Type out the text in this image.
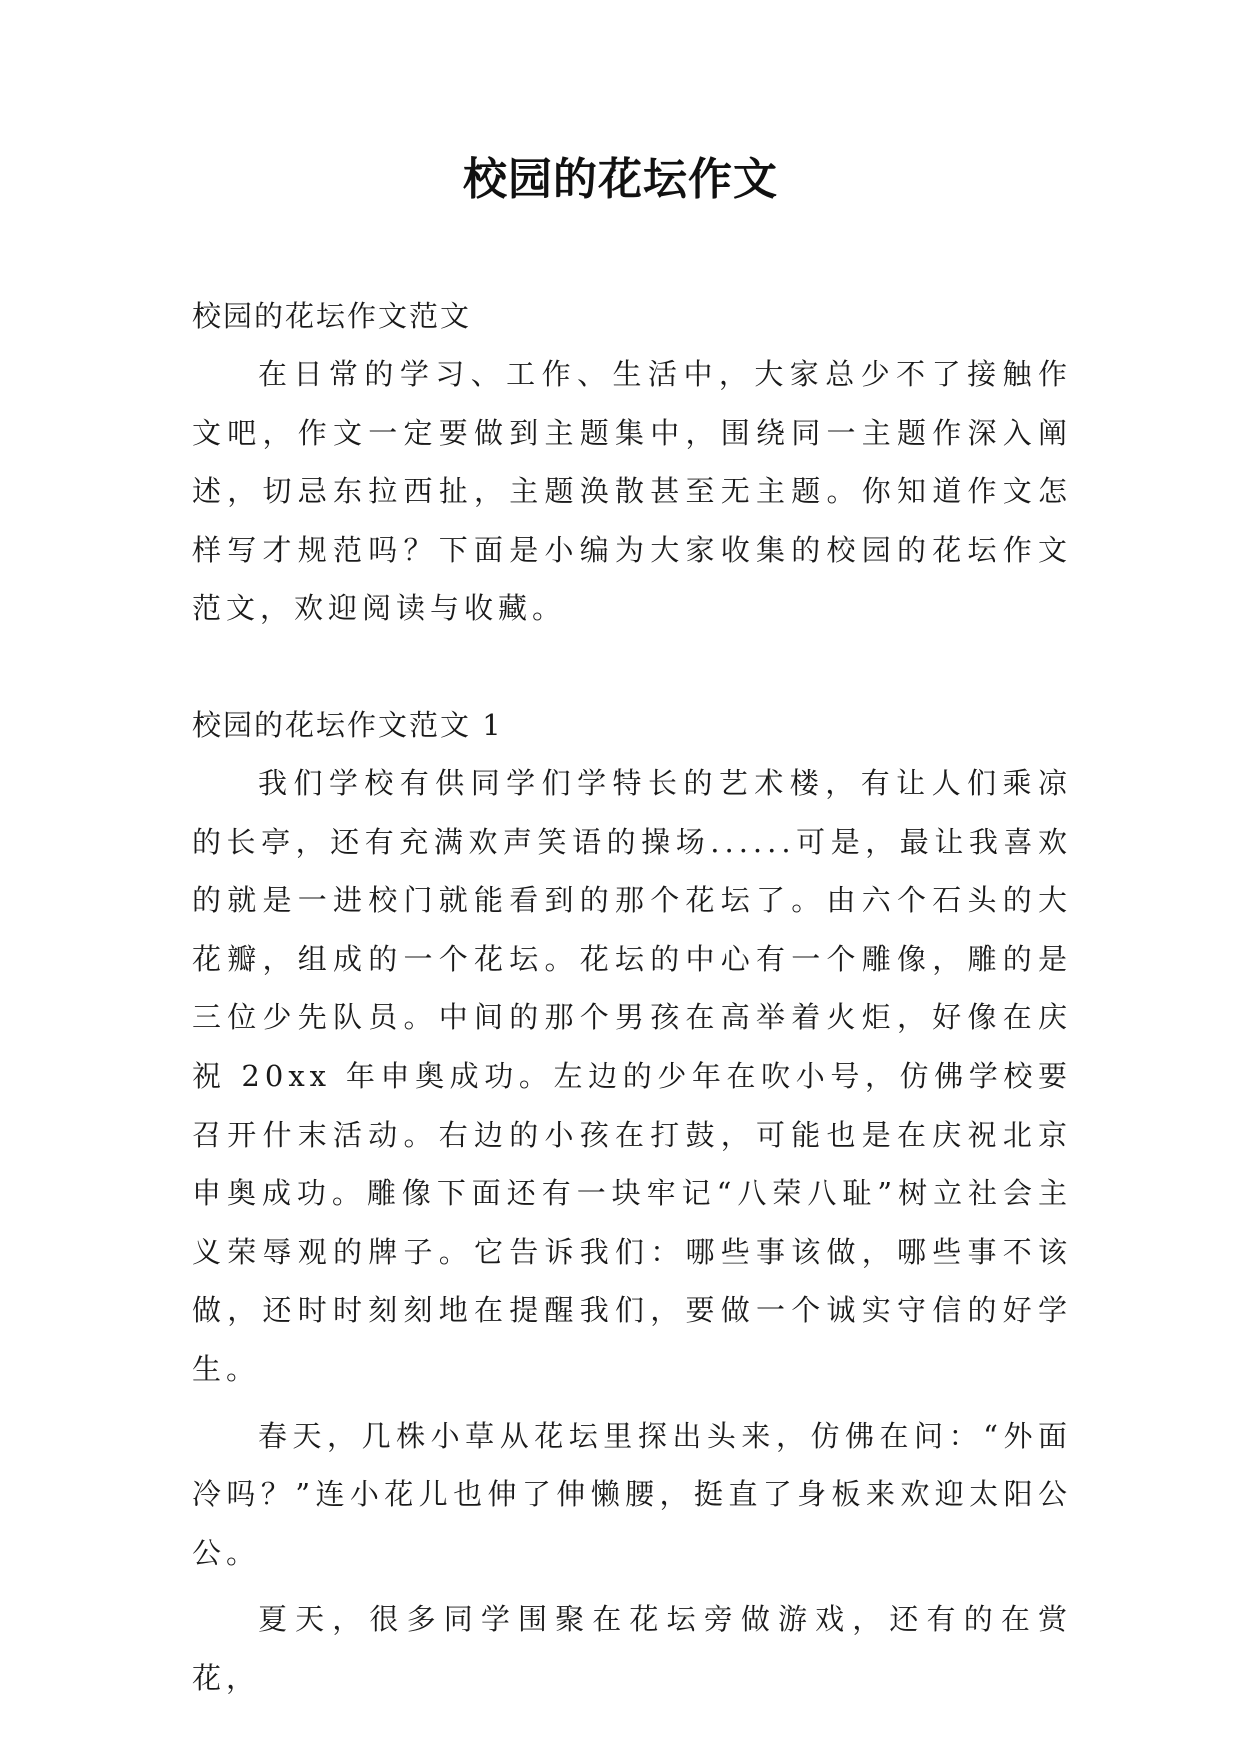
校园的花坛作文

校园的花坛作文范文

在日常的学习、工作、生活中，大家总少不了接触作文吧，作文一定要做到主题集中，围绕同一主题作深入阐述，切忌东拉西扯，主题涣散甚至无主题。你知道作文怎样写才规范吗？下面是小编为大家收集的校园的花坛作文范文，欢迎阅读与收藏。

校园的花坛作文范文 1

我们学校有供同学们学特长的艺术楼，有让人们乘凉的长亭，还有充满欢声笑语的操场......可是，最让我喜欢的就是一进校门就能看到的那个花坛了。由六个石头的大花瓣，组成的一个花坛。花坛的中心有一个雕像，雕的是三位少先队员。中间的那个男孩在高举着火炬，好像在庆祝 20xx 年申奥成功。左边的少年在吹小号，仿佛学校要召开什末活动。右边的小孩在打鼓，可能也是在庆祝北京申奥成功。雕像下面还有一块牢记“八荣八耻”树立社会主义荣辱观的牌子。它告诉我们：哪些事该做，哪些事不该做，还时时刻刻地在提醒我们，要做一个诚实守信的好学生。

春天，几株小草从花坛里探出头来，仿佛在问：“外面冷吗？”连小花儿也伸了伸懒腰，挺直了身板来欢迎太阳公公。

夏天，很多同学围聚在花坛旁做游戏，还有的在赏花，
